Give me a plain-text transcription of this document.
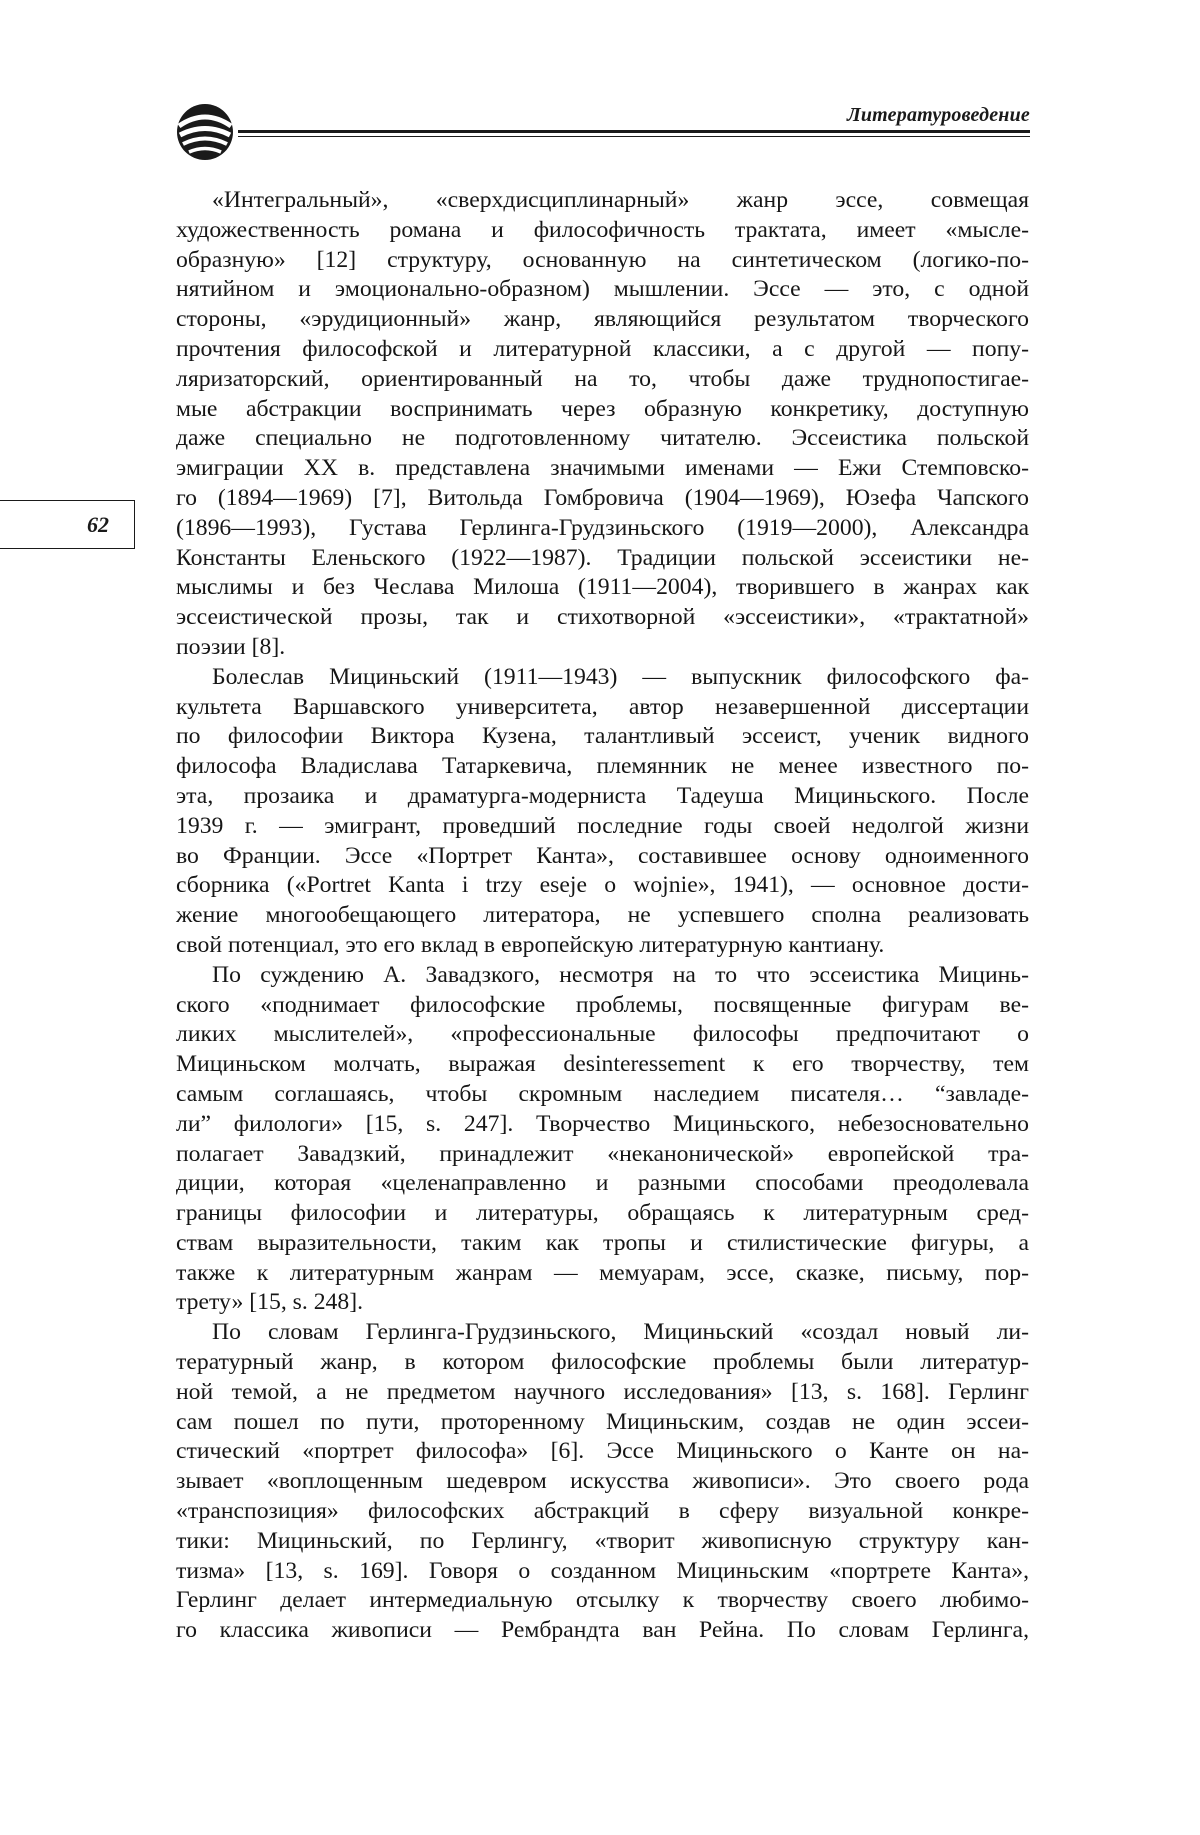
Литературоведение
62
«Интегральный», «сверхдисциплинарный» жанр эссе, совмещая
художественность романа и философичность трактата, имеет «мысле-
образную» [12] структуру, основанную на синтетическом (логико-по-
нятийном и эмоционально-образном) мышлении. Эссе — это, с одной
стороны, «эрудиционный» жанр, являющийся результатом творческого
прочтения философской и литературной классики, а с другой — попу-
ляризаторский, ориентированный на то, чтобы даже труднопостигае-
мые абстракции воспринимать через образную конкретику, доступную
даже специально не подготовленному читателю. Эссеистика польской
эмиграции XX в. представлена значимыми именами — Ежи Стемповско-
го (1894—1969) [7], Витольда Гомбровича (1904—1969), Юзефа Чапского
(1896—1993), Густава Герлинга-Грудзиньского (1919—2000), Александра
Константы Еленьского (1922—1987). Традиции польской эссеистики не-
мыслимы и без Чеслава Милоша (1911—2004), творившего в жанрах как
эссеистической прозы, так и стихотворной «эссеистики», «трактатной»
поэзии [8].
Болеслав Мициньский (1911—1943) — выпускник философского фа-
культета Варшавского университета, автор незавершенной диссертации
по философии Виктора Кузена, талантливый эссеист, ученик видного
философа Владислава Татаркевича, племянник не менее известного по-
эта, прозаика и драматурга-модерниста Тадеуша Мициньского. После
1939 г. — эмигрант, проведший последние годы своей недолгой жизни
во Франции. Эссе «Портрет Канта», составившее основу одноименного
сборника («Portret Kanta i trzy eseje o wojnie», 1941), — основное дости-
жение многообещающего литератора, не успевшего сполна реализовать
свой потенциал, это его вклад в европейскую литературную кантиану.
По суждению А. Завадзкого, несмотря на то что эссеистика Мицинь-
ского «поднимает философские проблемы, посвященные фигурам ве-
ликих мыслителей», «профессиональные философы предпочитают о
Мициньском молчать, выражая desinteressement к его творчеству, тем
самым соглашаясь, чтобы скромным наследием писателя… “завладе-
ли” филологи» [15, s. 247]. Творчество Мициньского, небезосновательно
полагает Завадзкий, принадлежит «неканонической» европейской тра-
диции, которая «целенаправленно и разными способами преодолевала
границы философии и литературы, обращаясь к литературным сред-
ствам выразительности, таким как тропы и стилистические фигуры, а
также к литературным жанрам — мемуарам, эссе, сказке, письму, пор-
трету» [15, s. 248].
По словам Герлинга-Грудзиньского, Мициньский «создал новый ли-
тературный жанр, в котором философские проблемы были литератур-
ной темой, а не предметом научного исследования» [13, s. 168]. Герлинг
сам пошел по пути, проторенному Мициньским, создав не один эссеи-
стический «портрет философа» [6]. Эссе Мициньского о Канте он на-
зывает «воплощенным шедевром искусства живописи». Это своего рода
«транспозиция» философских абстракций в сферу визуальной конкре-
тики: Мициньский, по Герлингу, «творит живописную структуру кан-
тизма» [13, s. 169]. Говоря о созданном Мициньским «портрете Канта»,
Герлинг делает интермедиальную отсылку к творчеству своего любимо-
го классика живописи — Рембрандта ван Рейна. По словам Герлинга,
